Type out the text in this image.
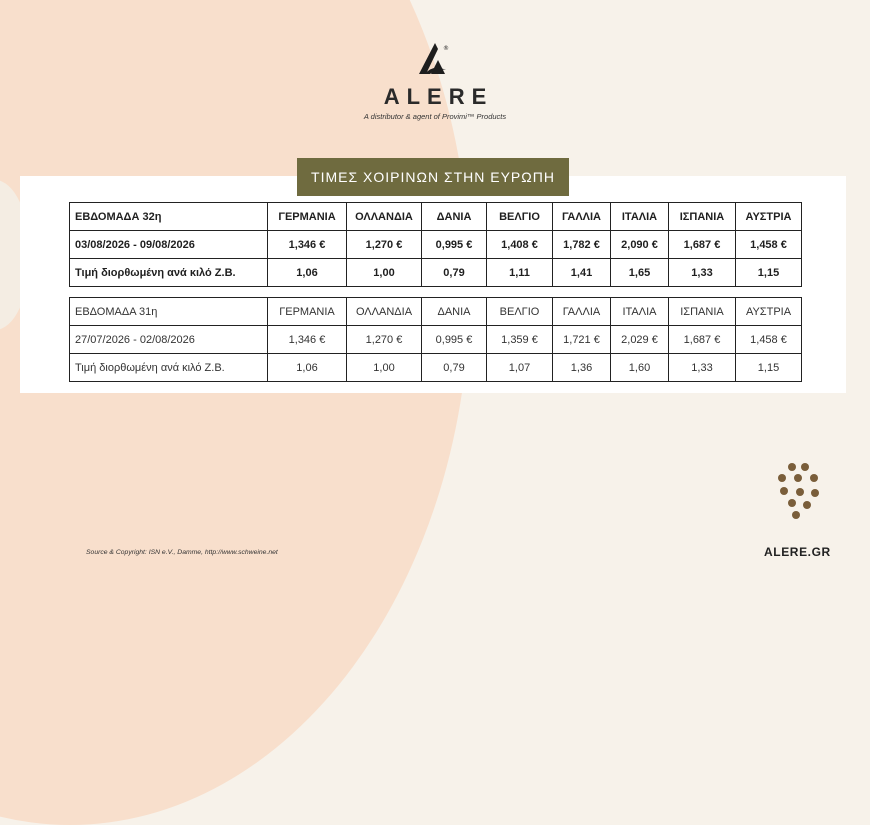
®
ALERE
A distributor & agent of Provimi™ Products
ΤΙΜΕΣ ΧΟΙΡΙΝΩΝ ΣΤΗΝ ΕΥΡΩΠΗ
ΕΒΔΟΜΑΔΑ 32η	ΓΕΡΜΑΝΙΑ	ΟΛΛΑΝΔΙΑ	ΔΑΝΙΑ	ΒΕΛΓΙΟ	ΓΑΛΛΙΑ	ΙΤΑΛΙΑ	ΙΣΠΑΝΙΑ	ΑΥΣΤΡΙΑ
03/08/2026 - 09/08/2026	1,346 €	1,270 €	0,995 €	1,408 €	1,782 €	2,090 €	1,687 €	1,458 €
Τιμή διορθωμένη ανά κιλό Ζ.Β.	1,06	1,00	0,79	1,11	1,41	1,65	1,33	1,15
ΕΒΔΟΜΑΔΑ 31η	ΓΕΡΜΑΝΙΑ	ΟΛΛΑΝΔΙΑ	ΔΑΝΙΑ	ΒΕΛΓΙΟ	ΓΑΛΛΙΑ	ΙΤΑΛΙΑ	ΙΣΠΑΝΙΑ	ΑΥΣΤΡΙΑ
27/07/2026 - 02/08/2026	1,346 €	1,270 €	0,995 €	1,359 €	1,721 €	2,029 €	1,687 €	1,458 €
Τιμή διορθωμένη ανά κιλό Ζ.Β.	1,06	1,00	0,79	1,07	1,36	1,60	1,33	1,15
Source & Copyright: ISN e.V., Damme, http://www.schweine.net	ALERE.GR
